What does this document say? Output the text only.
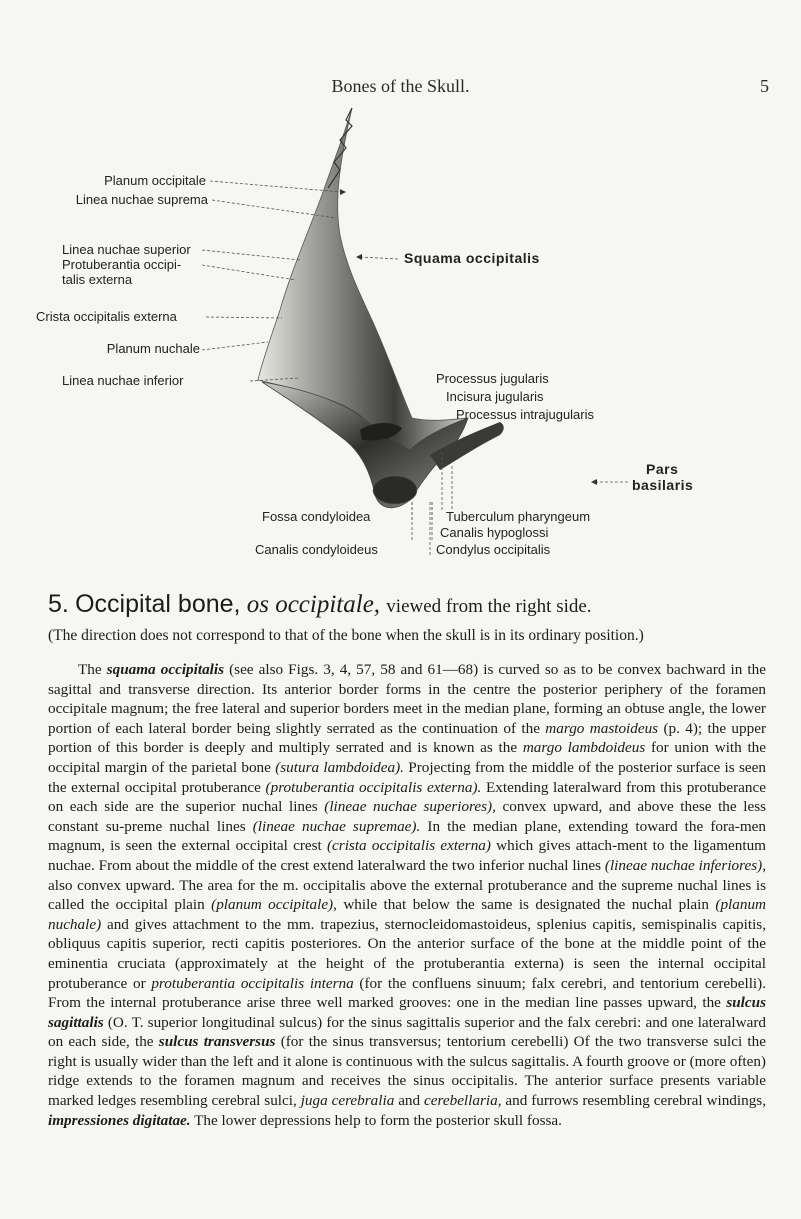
Bones of the Skull.	5
Planum occipitale
Linea nuchae suprema
Linea nuchae superior
Protuberantia occipi-
talis externa
Crista occipitalis externa
Planum nuchale
Linea nuchae inferior
Squama occipitalis
Processus jugularis
Incisura jugularis
Processus intrajugularis
Pars
basilaris
Fossa condyloidea
Canalis condyloideus
Tuberculum pharyngeum
Canalis hypoglossi
Condylus occipitalis
5. Occipital bone, os occipitale, viewed from the right side.
(The direction does not correspond to that of the bone when the skull is in its ordinary position.)

The squama occipitalis (see also Figs. 3, 4, 57, 58 and 61—68) is curved so as to be convex bachward in the sagittal and transverse direction. Its anterior border forms in the centre the posterior periphery of the foramen occipitale magnum; the free lateral and superior borders meet in the median plane, forming an obtuse angle, the lower portion of each lateral border being slightly serrated as the continuation of the margo mastoideus (p. 4); the upper portion of this border is deeply and multiply serrated and is known as the margo lambdoideus for union with the occipital margin of the parietal bone (sutura lambdoidea). Projecting from the middle of the posterior surface is seen the external occipital protuberance (protuberantia occipitalis externa). Extending lateralward from this protuberance on each side are the superior nuchal lines (lineae nuchae superiores), convex upward, and above these the less constant su-preme nuchal lines (lineae nuchae supremae). In the median plane, extending toward the fora-men magnum, is seen the external occipital crest (crista occipitalis externa) which gives attach-ment to the ligamentum nuchae. From about the middle of the crest extend lateralward the two inferior nuchal lines (lineae nuchae inferiores), also convex upward. The area for the m. occipitalis above the external protuberance and the supreme nuchal lines is called the occipital plain (planum occipitale), while that below the same is designated the nuchal plain (planum nuchale) and gives attachment to the mm. trapezius, sternocleidomastoideus, splenius capitis, semispinalis capitis, obliquus capitis superior, recti capitis posteriores. On the anterior surface of the bone at the middle point of the eminentia cruciata (approximately at the height of the protuberantia externa) is seen the internal occipital protuberance or protuberantia occipitalis interna (for the confluens sinuum; falx cerebri, and tentorium cerebelli). From the internal protuberance arise three well marked grooves: one in the median line passes upward, the sulcus sagittalis (O. T. superior longitudinal sulcus) for the sinus sagittalis superior and the falx cerebri: and one lateralward on each side, the sulcus transversus (for the sinus transversus; tentorium cerebelli) Of the two transverse sulci the right is usually wider than the left and it alone is continuous with the sulcus sagittalis. A fourth groove or (more often) ridge extends to the foramen magnum and receives the sinus occipitalis. The anterior surface presents variable marked ledges resembling cerebral sulci, juga cerebralia and cerebellaria, and furrows resembling cerebral windings, impressiones digitatae. The lower depressions help to form the posterior skull fossa.
